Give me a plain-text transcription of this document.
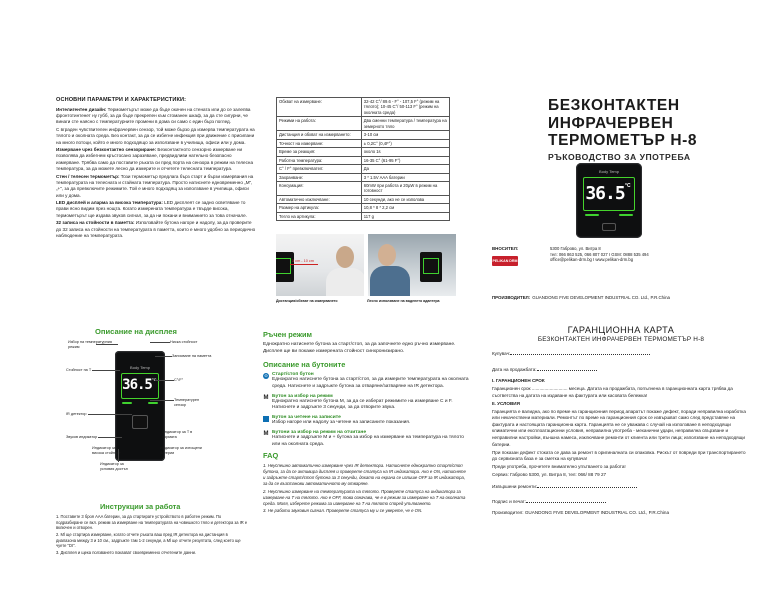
ОСНОВНИ ПАРАМЕТРИ И ХАРАКТЕРИСТИКИ:

Интелигентен дизайн: Термометърът може да бъде окачен на стената или до се залепва фронтотинтенет ну губб, за да бъде прекрепен към стоманен шкаф, за да сте сигурни, че винаги сте наясно с температурните промени в дома си само с един бърз поглед.

С вграден чувствителен инфрачервен сензор, той може бързо да измерва температурата на тялото и околната среда. Без контакт, за да се избегне инфекция при движение с присипани на много потоци, който е много подходящо за използване в училища, офиси или у дома.

Измерване чрез безконтактно сензориране: Безконтактното сензорно измерване ни позволява да избегнем кръстосано заразяване, предвидливи нательно безопасно измерване. Трябва само да поставите ръката си пред порта на сензора в режим на телесна температура, за да можете лесно да измерите и отчетете телесната температура.

Стен / телесен термометър: Този термометър предлага бърз старт и бързи измервания на температурата на телесната и стайната температура. Просто натиснете едновременно „M", „+", за да превключите режимите. Той е много подходящ за използване в училища, офиси или у дома.

LED дисплей и аларма за висока температура: LED дисплеят се задно осветяване то прави ясно видим през нощта. Когато измерената температура е твърде висока, термометърът ще издава звуков сигнал, за да ни покани и вниманието за това отначале.

32 записа на стойности в паметта: Използвайте бутона нагоре и надолу, за да проверите до 32 записа на стойности на температурата в паметта, които е много удобно за периодично наблюдение на температурата.

Обхват на измерване:	32-42 C°/ 89.6 - F° - 107,5 F° (режим на тялото); 10-45 C°/ 50-113 F° (режим на околната среда)
Режими на работа:	Два сменни температура / температура на земерното тяло
Дистанция и обхват на измерването:	3-10 см
Точност на измерване:	± 0,2C° (0,4F°)
Време за реакция:	около 1s
Работна температура:	16-35 C° (61-95 F°)
C° / F° превключвател:	Да
Захранване:	3 * 1.5V AAA батерии
Консумация:	60mW при работа и 20µW в режим на готовност
Автоматично изключване:	10 секунди, ако не се използва
Размер на артикула:	10,8 * 8 * 2,2 см
Тегло на артикула:	117 g
3 cm - 10 cm
Дистанция/обхват на измерването	Лесно използване на ваденето адаптера
БЕЗКОНТАКТЕН
ИНФРАЧЕРВЕН
ТЕРМОМЕТЪР H-8
РЪКОВОДСТВО ЗА УПОТРЕБА
Body Temp
36.5 °C
ВНОСИТЕЛ:
PELIKAN DRM
5300 Габрово, ул. Витра 8
тел: 066 863 525, 066 807 027 I GSM: 0888 535 494
office@pelikan-drm.bg I www.pelikan-drm.bg
ПРОИЗВОДИТЕЛ: GUANDONG FIVE DEVELOPMENT INDUSTRIAL CO. Ltd., P.R.China
Описание на дисплея
Body Temp
36.5 °C
Избор на температурния режим
Ниска стойност
Записване на паметта
Стойност на T
C°/F°
IR детектор
Температурен сензор
Звуков индикатор
Индикатор за висока стойност
Индикатор за T в нормата
Индикатор за изтощени батерии
Индикатор за условия достъп
Инструкции за работа

1. Поставете 3 броя AAA батерии, за да стартирате устройството в работен режим. По подразбиране се вкл. режим за измерване на температурата на човешкото тяло и детектора за IR е включен и отворен.

2. Ml ще стартира измерване, когато отчете ръката ваш пред IR детектора на дистанция в диапазона между 3 и 10 см., задръжте там 1-2 секунди, а Ml ще отчете резултата, след което ще чуете "DI".

3. Дисплея и щека ползването показват своевременно отчетените данни.

Ръчен режим
Еднократно натиснете бутона за старт/стоп, за да започнете едно ръчно измерване. Дисплея ще ви покаже измерената стойност синхронизирано.
Описание на бутоните
⏻ Старт/стоп бутон
Еднократно натиснете бутона за старт/стоп, за да измерите температурата на околната среда. Натиснете и задръжте бутона за отваряне/затваряне на IR детектора.
M Бутон за избор на режим
Еднократно натиснете бутона M, за да се изберат режимите на измерване C и F. Натиснете и задръжте 3 секунди, за да отворите звука.
Бутон за четене на записите
Избор нагоре или надолу за четене на записаните показания.
M Бутони за избор на режим на отчитане
Натиснете и задръжте M и + бутона за избор на измерване на температура на тялото или на околната среда.
FAQ
1. Неуспешно автоматично измерване чрез IR детектора. Натиснете еднократно старт/стоп бутона, за да се активира дисплея и проверете статуса на IR индикатора. Ако е ON, натиснете и задръжте старт/стоп бутона за 3 секунди, докато на екрана се изпише OFF за IR индикатора, за да се възстанови автоматичното му отваряне.
2. Неуспешно измерване на температурата на тялото. Проверете статуса на индикатора за измерване на T на тялото. Ако е OFF, това означава, че е в режим за измерване на T на околната среда. Моля, изберете режима за измерване на T на тялото според упътването.
3. Не работи звуковия сигнал. Проверете статуса му и се уверете, че е ON.
ГАРАНЦИОННА КАРТА
БЕЗКОНТАКТЕН ИНФРАЧЕРВЕН ТЕРМОМЕТЪР Н-8

Купувач:

Дата на продажбата:

I. ГАРАНЦИОНЕН СРОК

Гаранционен срок ............................ месеца. Датата на продажбата, попълнена в гаранционната карта трябва да съответства на датата на издаване на фактурата или касовата бележка!

II. УСЛОВИЯ

Гаранцията е валидна, ако по време на гаранционния период апаратът покаже дефект, поради неправилна изработка или некачествени материали. Ремонтът по време на гаранционния срок се извършват само след представяне на фактурата и настоящата гаранционна карта. Гаранцията не се уважава с случай на използване в неподходящи климатични или експлоатационни условия, неправилна употреба - механични удари, неправилна свързване и неправилни настройки, външна намеса, изключване ремонти от клиента или трети лица; използване на неподходящи батерии.

При показан дефект стоката се дава за ремонт в оригиналната си опаковка. Рискът от повреди при транспортирането до сервизната база е за сметка на купувача!

Преди употреба, прочетете внимателно упътването за работа!

Сервиз: Габрово 5300, ул. Витра 8, тел: 066/ 88 79 27

Извършени ремонти:

Подпис и печат:

Производител: GUANDONG FIVE DEVELOPMENT INDUSTRIAL CO. Ltd., P.R.China
